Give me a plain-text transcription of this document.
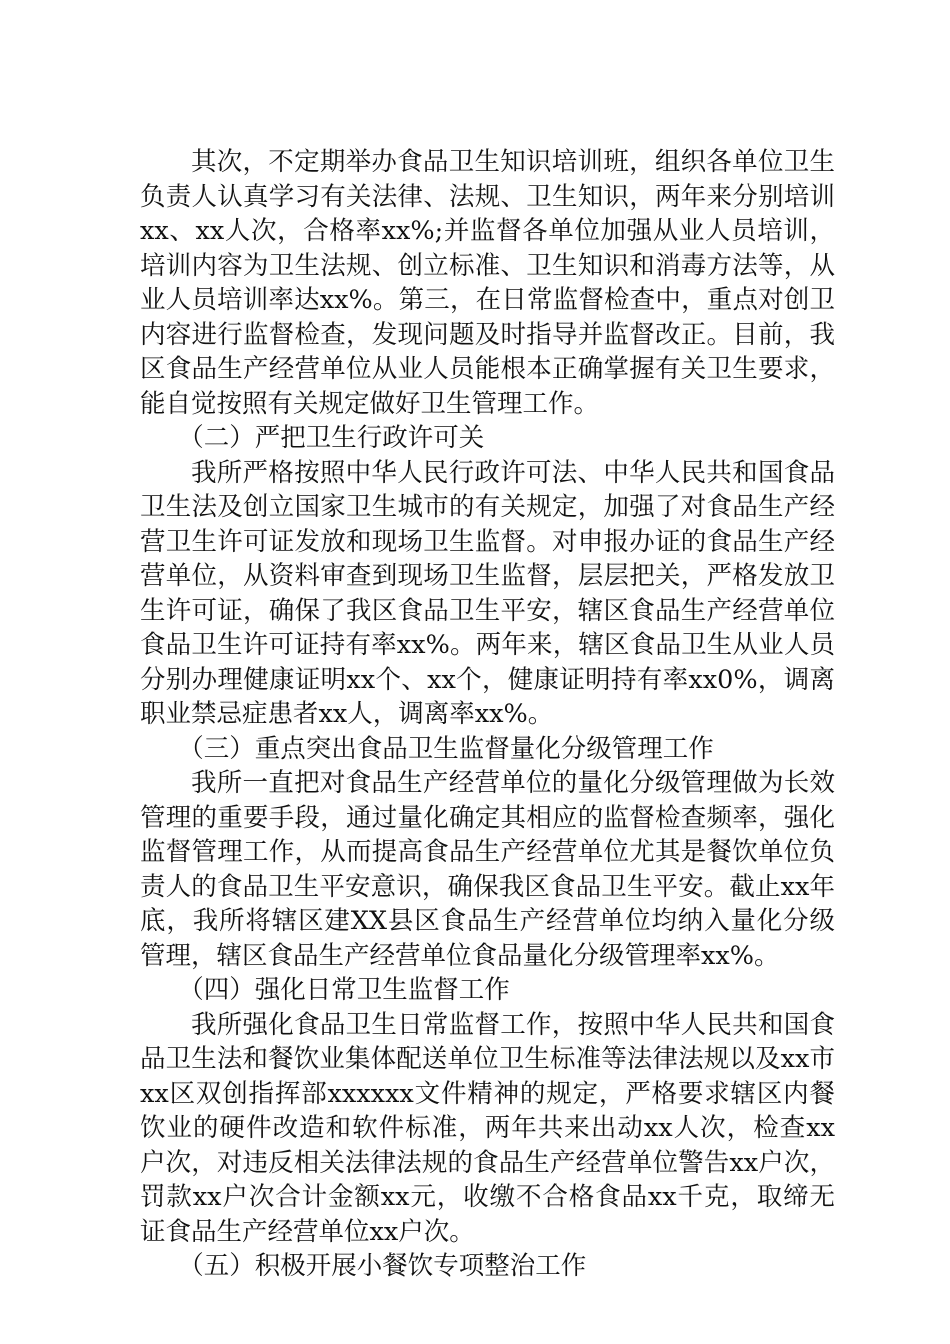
其次，不定期举办食品卫生知识培训班，组织各单位卫生负责人认真学习有关法律、法规、卫生知识，两年来分别培训xx、xx人次，合格率xx%;并监督各单位加强从业人员培训，培训内容为卫生法规、创立标准、卫生知识和消毒方法等，从业人员培训率达xx%。第三，在日常监督检查中，重点对创卫内容进行监督检查，发现问题及时指导并监督改正。目前，我区食品生产经营单位从业人员能根本正确掌握有关卫生要求，能自觉按照有关规定做好卫生管理工作。

（二）严把卫生行政许可关

我所严格按照中华人民行政许可法、中华人民共和国食品卫生法及创立国家卫生城市的有关规定，加强了对食品生产经营卫生许可证发放和现场卫生监督。对申报办证的食品生产经营单位，从资料审查到现场卫生监督，层层把关，严格发放卫生许可证，确保了我区食品卫生平安，辖区食品生产经营单位食品卫生许可证持有率xx%。两年来，辖区食品卫生从业人员分别办理健康证明xx个、xx个，健康证明持有率xx0%，调离职业禁忌症患者xx人，调离率xx%。

（三）重点突出食品卫生监督量化分级管理工作

我所一直把对食品生产经营单位的量化分级管理做为长效管理的重要手段，通过量化确定其相应的监督检查频率，强化监督管理工作，从而提高食品生产经营单位尤其是餐饮单位负责人的食品卫生平安意识，确保我区食品卫生平安。截止xx年底，我所将辖区建XX县区食品生产经营单位均纳入量化分级管理，辖区食品生产经营单位食品量化分级管理率xx%。

（四）强化日常卫生监督工作

我所强化食品卫生日常监督工作，按照中华人民共和国食品卫生法和餐饮业集体配送单位卫生标准等法律法规以及xx市xx区双创指挥部xxxxxx文件精神的规定，严格要求辖区内餐饮业的硬件改造和软件标准，两年共来出动xx人次，检查xx户次，对违反相关法律法规的食品生产经营单位警告xx户次，罚款xx户次合计金额xx元，收缴不合格食品xx千克，取缔无证食品生产经营单位xx户次。

（五）积极开展小餐饮专项整治工作
